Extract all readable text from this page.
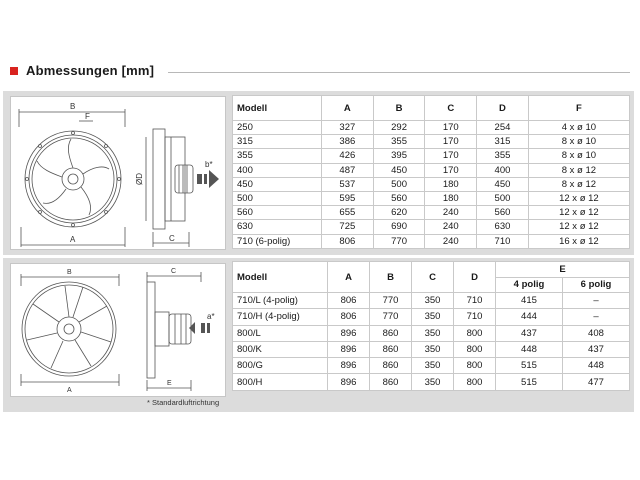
Abmessungen [mm]
B
F
A	C
ØD
b*
B
A
C
E
a*
* Standardluftrichtung
Modell	A	B	C	D	F
250	327	292	170	254	4 x ø 10
315	386	355	170	315	8 x ø 10
355	426	395	170	355	8 x ø 10
400	487	450	170	400	8 x ø 12
450	537	500	180	450	8 x ø 12
500	595	560	180	500	12 x ø 12
560	655	620	240	560	12 x ø 12
630	725	690	240	630	12 x ø 12
710 (6-polig)	806	770	240	710	16 x ø 12
Modell	A	B	C	D	E	
					4 polig	6 polig
710/L (4-polig)	806	770	350	710	415	–
710/H (4-polig)	806	770	350	710	444	–
800/L	896	860	350	800	437	408
800/K	896	860	350	800	448	437
800/G	896	860	350	800	515	448
800/H	896	860	350	800	515	477
